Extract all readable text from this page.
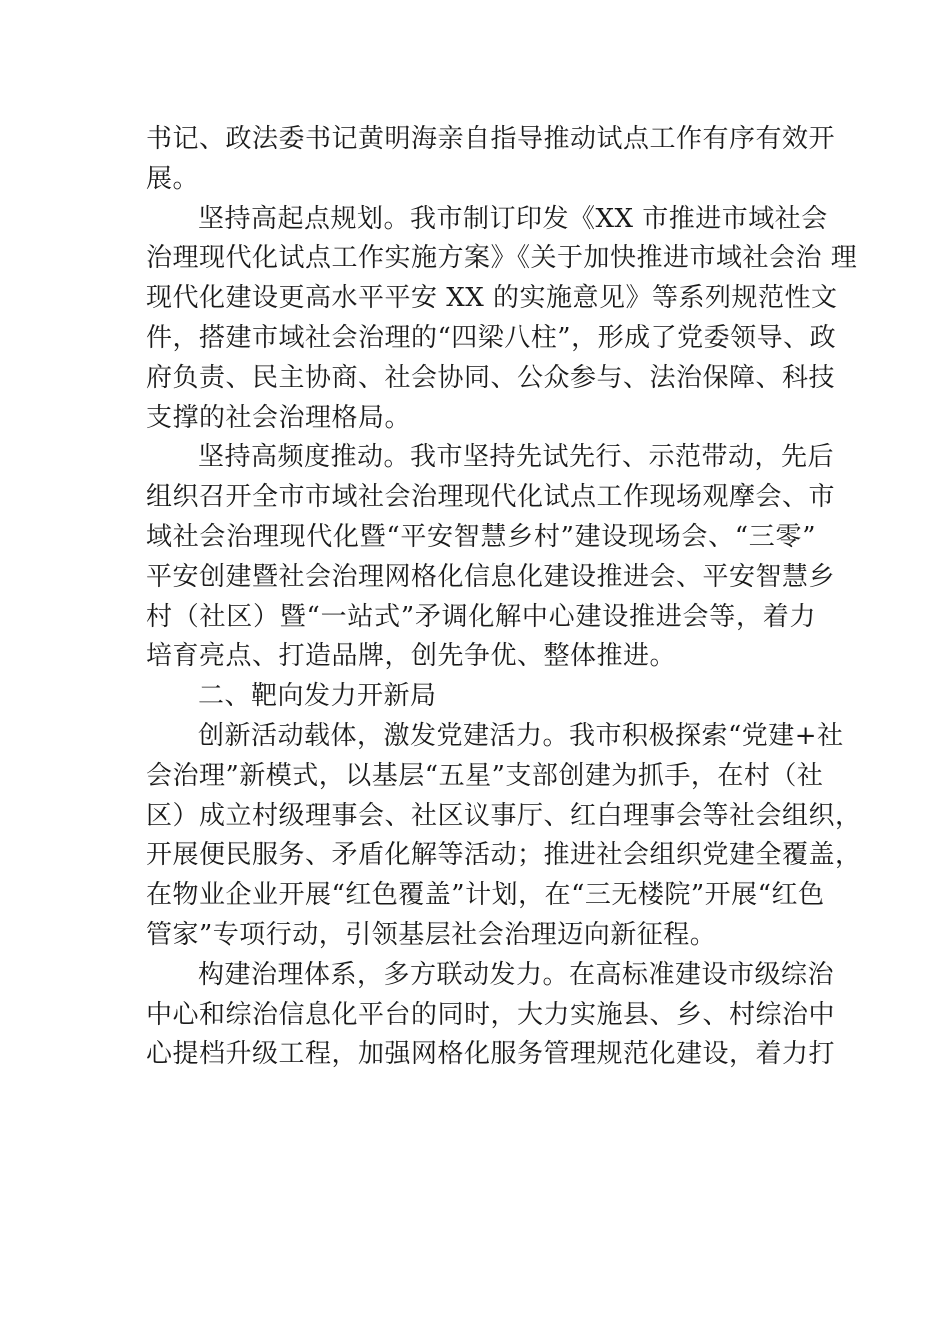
书记、政法委书记黄明海亲自指导推动试点工作有序有效开
展。
坚持高起点规划。我市制订印发《XX 市推进市域社会
治理现代化试点工作实施方案》《关于加快推进市域社会治 理
现代化建设更高水平平安 XX 的实施意见》等系列规范性文
件，搭建市域社会治理的“四梁八柱”，形成了党委领导、政
府负责、民主协商、社会协同、公众参与、法治保障、科技
支撑的社会治理格局。
坚持高频度推动。我市坚持先试先行、示范带动，先后
组织召开全市市域社会治理现代化试点工作现场观摩会、市
域社会治理现代化暨“平安智慧乡村”建设现场会、“三零”
平安创建暨社会治理网格化信息化建设推进会、平安智慧乡
村（社区）暨“一站式”矛调化解中心建设推进会等，着力
培育亮点、打造品牌，创先争优、整体推进。
二、靶向发力开新局
创新活动载体，激发党建活力。我市积极探索“党建+社
会治理”新模式，以基层“五星”支部创建为抓手，在村（社
区）成立村级理事会、社区议事厅、红白理事会等社会组织，
开展便民服务、矛盾化解等活动；推进社会组织党建全覆盖，
在物业企业开展“红色覆盖”计划，在“三无楼院”开展“红色
管家”专项行动，引领基层社会治理迈向新征程。
构建治理体系，多方联动发力。在高标准建设市级综治
中心和综治信息化平台的同时，大力实施县、乡、村综治中
心提档升级工程，加强网格化服务管理规范化建设，着力打
